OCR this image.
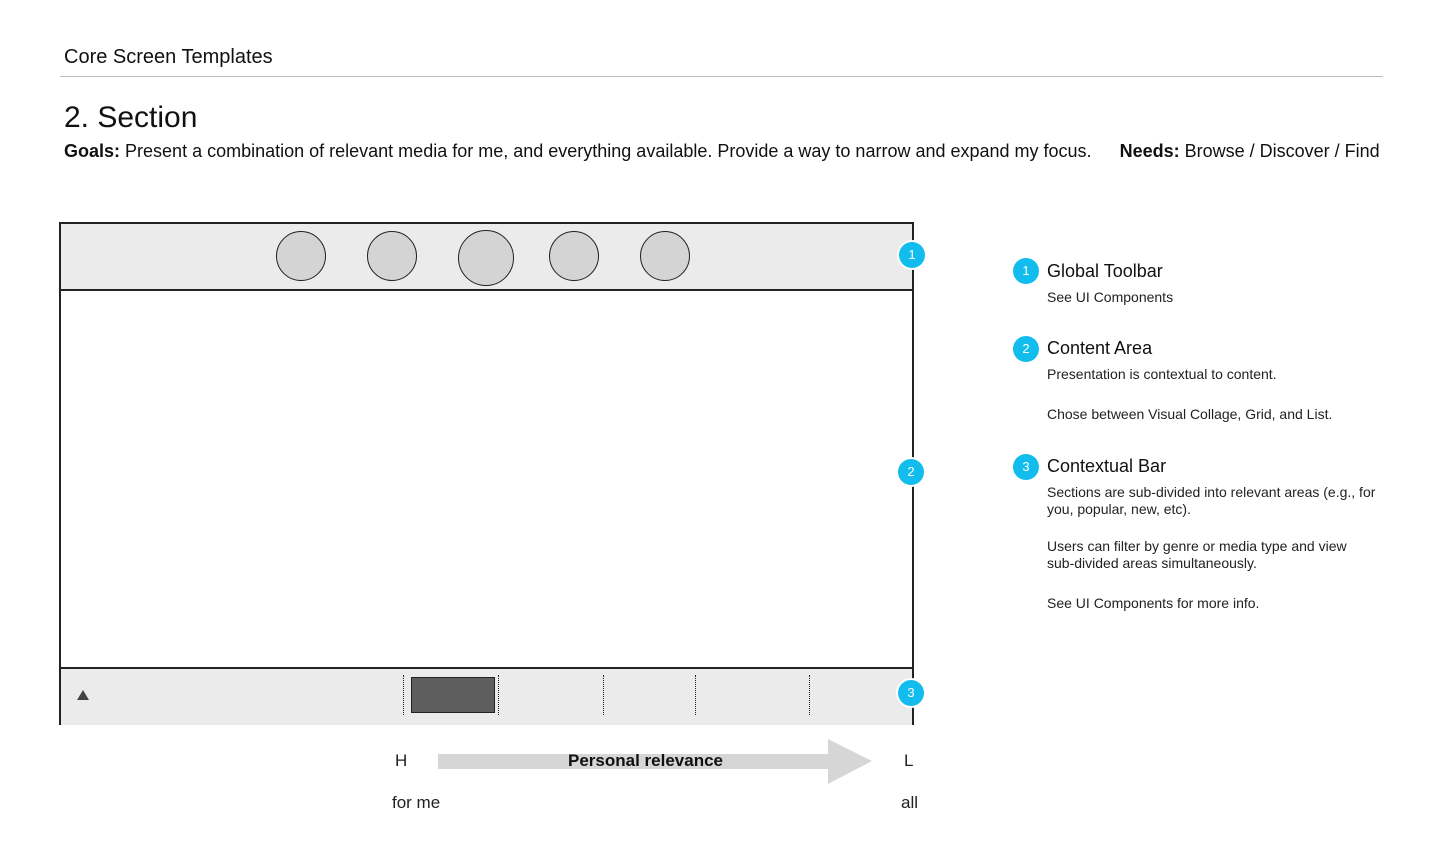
Core Screen Templates
2. Section
Goals: Present a combination of relevant media for me, and everything available. Provide a way to narrow and expand my focus. Needs: Browse / Discover / Find
1
2
3
1 Global Toolbar
See UI Components
2 Content Area
Presentation is contextual to content.
Chose between Visual Collage, Grid, and List.
3 Contextual Bar
Sections are sub-divided into relevant areas (e.g., for you, popular, new, etc).
Users can filter by genre or media type and view sub-divided areas simultaneously.
See UI Components for more info.
H	Personal relevance	L
for me	all
